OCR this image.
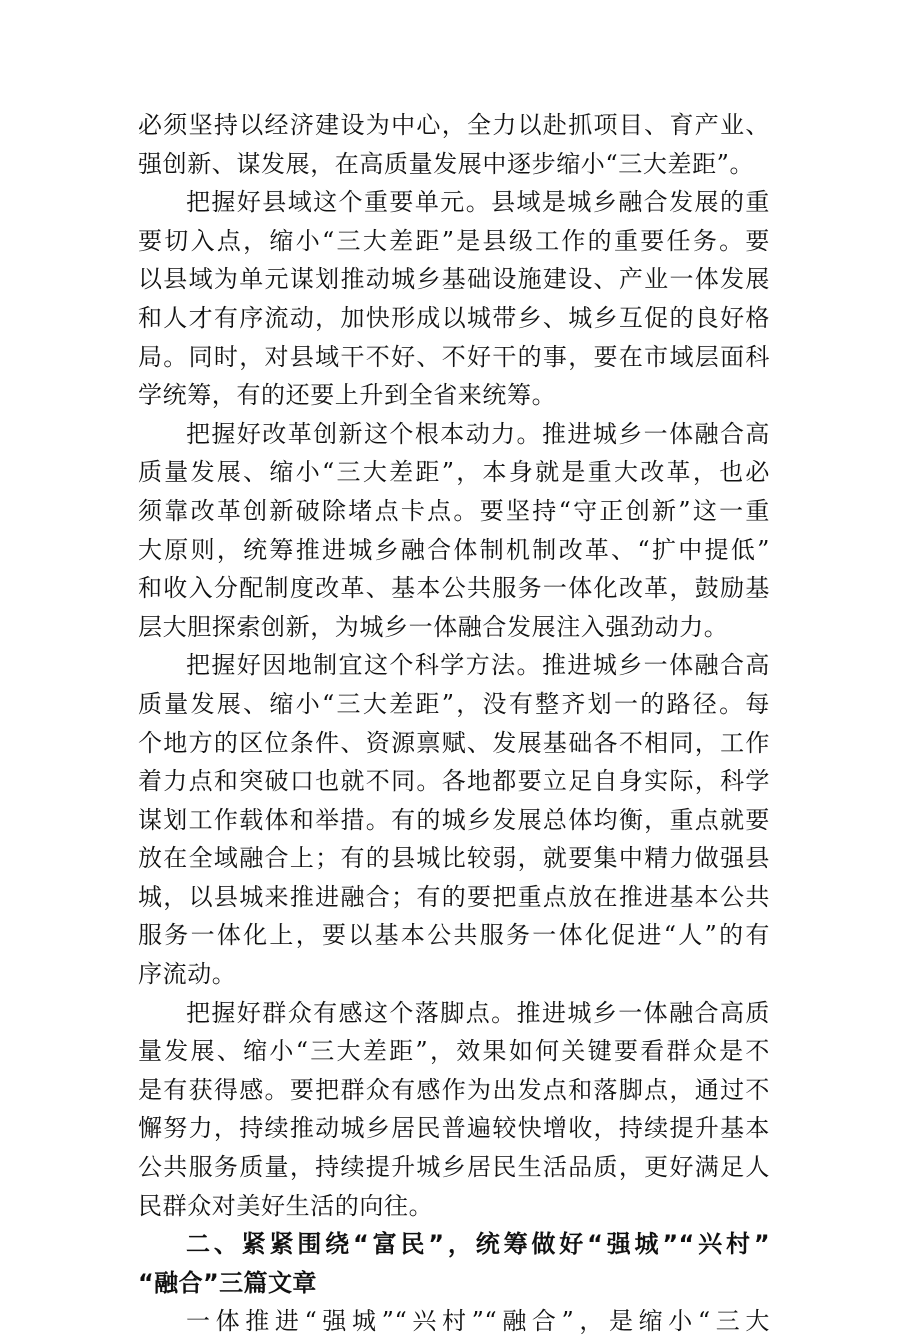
必须坚持以经济建设为中心，全力以赴抓项目、育产业、
强创新、谋发展，在高质量发展中逐步缩小“三大差距”。
把握好县域这个重要单元。县域是城乡融合发展的重
要切入点，缩小“三大差距”是县级工作的重要任务。要
以县域为单元谋划推动城乡基础设施建设、产业一体发展
和人才有序流动，加快形成以城带乡、城乡互促的良好格
局。同时，对县域干不好、不好干的事，要在市域层面科
学统筹，有的还要上升到全省来统筹。
把握好改革创新这个根本动力。推进城乡一体融合高
质量发展、缩小“三大差距”，本身就是重大改革，也必
须靠改革创新破除堵点卡点。要坚持“守正创新”这一重
大原则，统筹推进城乡融合体制机制改革、“扩中提低”
和收入分配制度改革、基本公共服务一体化改革，鼓励基
层大胆探索创新，为城乡一体融合发展注入强劲动力。
把握好因地制宜这个科学方法。推进城乡一体融合高
质量发展、缩小“三大差距”，没有整齐划一的路径。每
个地方的区位条件、资源禀赋、发展基础各不相同，工作
着力点和突破口也就不同。各地都要立足自身实际，科学
谋划工作载体和举措。有的城乡发展总体均衡，重点就要
放在全域融合上；有的县城比较弱，就要集中精力做强县
城，以县城来推进融合；有的要把重点放在推进基本公共
服务一体化上，要以基本公共服务一体化促进“人”的有
序流动。
把握好群众有感这个落脚点。推进城乡一体融合高质
量发展、缩小“三大差距”，效果如何关键要看群众是不
是有获得感。要把群众有感作为出发点和落脚点，通过不
懈努力，持续推动城乡居民普遍较快增收，持续提升基本
公共服务质量，持续提升城乡居民生活品质，更好满足人
民群众对美好生活的向往。
二、紧紧围绕“富民”，统筹做好“强城”“兴村”
“融合”三篇文章
一体推进“强城”“兴村”“融合”，是缩小“三大
